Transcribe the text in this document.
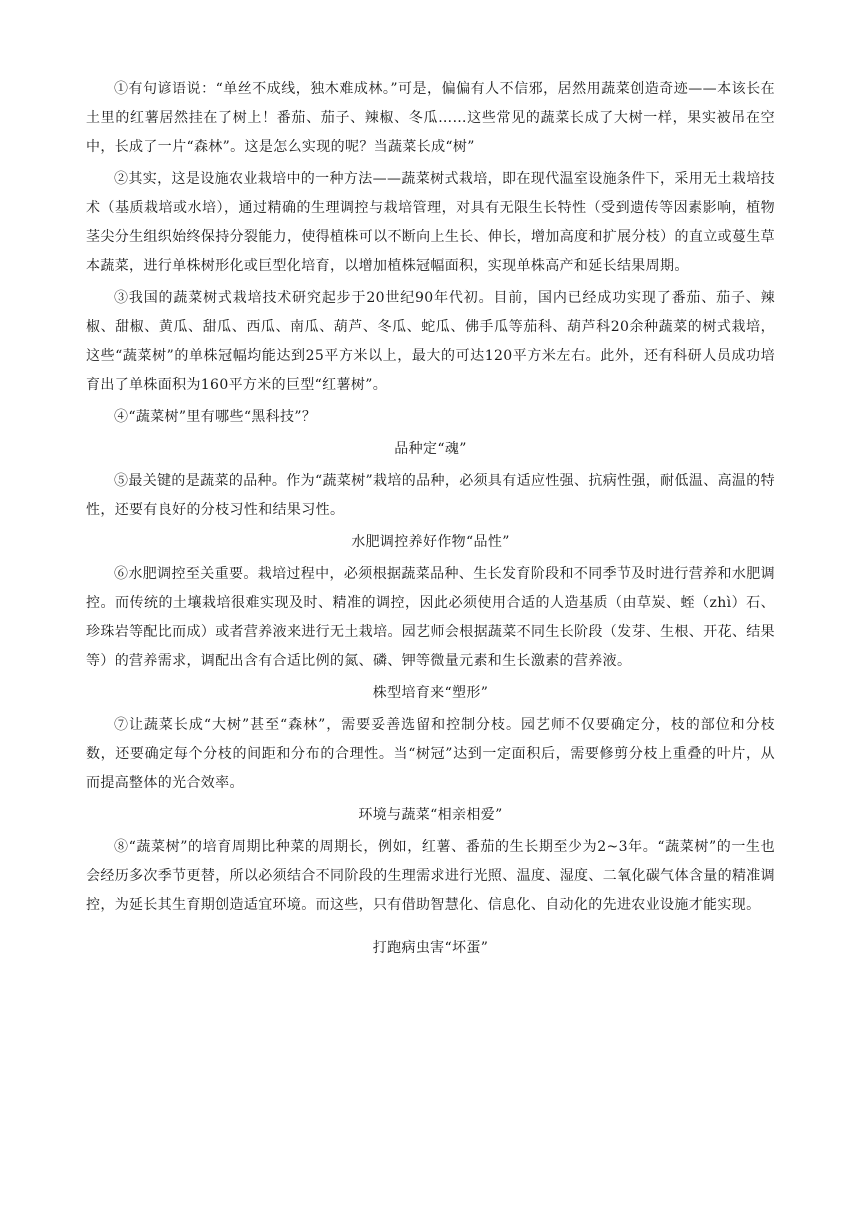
①有句谚语说：“单丝不成线，独木难成林。”可是，偏偏有人不信邪，居然用蔬菜创造奇迹——本该长在土里的红薯居然挂在了树上！番茄、茄子、辣椒、冬瓜……这些常见的蔬菜长成了大树一样，果实被吊在空中，长成了一片“森林”。这是怎么实现的呢？当蔬菜长成“树”

②其实，这是设施农业栽培中的一种方法——蔬菜树式栽培，即在现代温室设施条件下，采用无土栽培技术（基质栽培或水培），通过精确的生理调控与栽培管理，对具有无限生长特性（受到遗传等因素影响，植物茎尖分生组织始终保持分裂能力，使得植株可以不断向上生长、伸长，增加高度和扩展分枝）的直立或蔓生草本蔬菜，进行单株树形化或巨型化培育，以增加植株冠幅面积，实现单株高产和延长结果周期。

③我国的蔬菜树式栽培技术研究起步于20世纪90年代初。目前，国内已经成功实现了番茄、茄子、辣椒、甜椒、黄瓜、甜瓜、西瓜、南瓜、葫芦、冬瓜、蛇瓜、佛手瓜等茄科、葫芦科20余种蔬菜的树式栽培，这些“蔬菜树”的单株冠幅均能达到25平方米以上，最大的可达120平方米左右。此外，还有科研人员成功培育出了单株面积为160平方米的巨型“红薯树”。

④“蔬菜树”里有哪些“黑科技”？

品种定“魂”

⑤最关键的是蔬菜的品种。作为“蔬菜树”栽培的品种，必须具有适应性强、抗病性强，耐低温、高温的特性，还要有良好的分枝习性和结果习性。

水肥调控养好作物“品性”

⑥水肥调控至关重要。栽培过程中，必须根据蔬菜品种、生长发育阶段和不同季节及时进行营养和水肥调控。而传统的土壤栽培很难实现及时、精准的调控，因此必须使用合适的人造基质（由草炭、蛭（zhì）石、珍珠岩等配比而成）或者营养液来进行无土栽培。园艺师会根据蔬菜不同生长阶段（发芽、生根、开花、结果等）的营养需求，调配出含有合适比例的氮、磷、钾等微量元素和生长激素的营养液。

株型培育来“塑形”

⑦让蔬菜长成“大树”甚至“森林”，需要妥善选留和控制分枝。园艺师不仅要确定分，枝的部位和分枝数，还要确定每个分枝的间距和分布的合理性。当“树冠”达到一定面积后，需要修剪分枝上重叠的叶片，从而提高整体的光合效率。

环境与蔬菜“相亲相爱”

⑧“蔬菜树”的培育周期比种菜的周期长，例如，红薯、番茄的生长期至少为2~3年。“蔬菜树”的一生也会经历多次季节更替，所以必须结合不同阶段的生理需求进行光照、温度、湿度、二氧化碳气体含量的精准调控，为延长其生育期创造适宜环境。而这些，只有借助智慧化、信息化、自动化的先进农业设施才能实现。

打跑病虫害“坏蛋”
